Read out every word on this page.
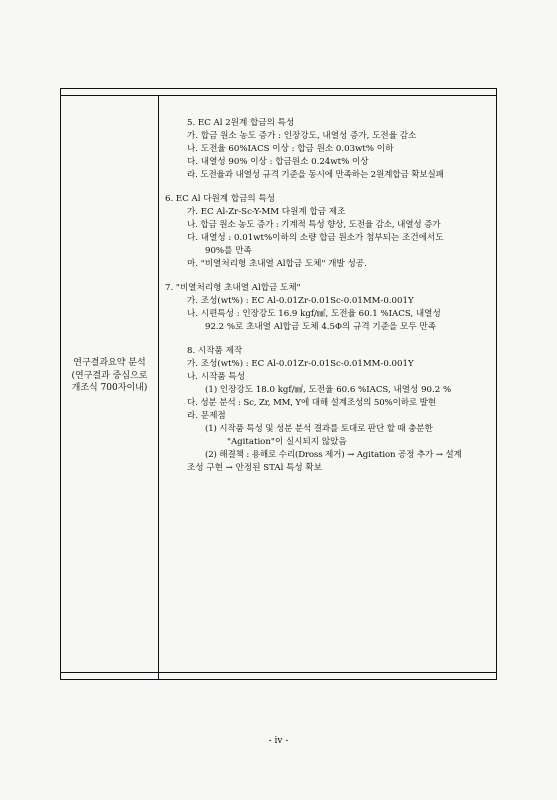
연구결과요약 분석
(연구결과 중심으로
개조식 700자이내)
5. EC Al 2원계 합금의 특성
가. 합금 원소 농도 증가 : 인장강도, 내열성 증가, 도전율 감소
나. 도전율 60%IACS 이상 : 합금 원소 0.03wt% 이하
다. 내열성 90% 이상 : 합금원소 0.24wt% 이상
라. 도전율과 내열성 규격 기준을 동시에 만족하는 2원계합금 확보실패
6. EC Al 다원계 합금의 특성
가. EC Al-Zr-Sc-Y-MM 다원계 합금 제조
나. 합금 원소 농도 증가 : 기계적 특성 향상, 도전율 감소, 내열성 증가
다. 내열성 : 0.01wt%이하의 소량 합금 원소가 첨부되는 조건에서도
90%를 만족
마. "비열처리형 초내열 Al합금 도체" 개발 성공.
7. "비열처리형 초내열 Al합금 도체"
가. 조성(wt%) : EC Al-0.01Zr-0.01Sc-0.01MM-0.001Y
나. 시편특성 : 인장강도 16.9 kgf/㎟, 도전율 60.1 %IACS, 내열성
92.2 %로 초내열 Al합금 도체 4.5Φ의 규격 기준을 모두 만족
8. 시작품 제작
가. 조성(wt%) : EC Al-0.01Zr-0.01Sc-0.01MM-0.001Y
나. 시작품 특성
(1) 인장강도 18.0 kgf/㎟, 도전율 60.6 %IACS, 내열성 90.2 %
다. 성분 분석 : Sc, Zr, MM, Y에 대해 설계조성의 50%이하로 발현
라. 문제점
(1) 시작품 특성 및 성분 분석 결과를 토대로 판단 할 때 충분한
"Agitation"이 실시되지 않았음
(2) 해결책 : 용해로 수리(Dross 제거) → Agitation 공정 추가 → 설계
조성 구현 → 안정된 STAl 특성 확보
- iv -
